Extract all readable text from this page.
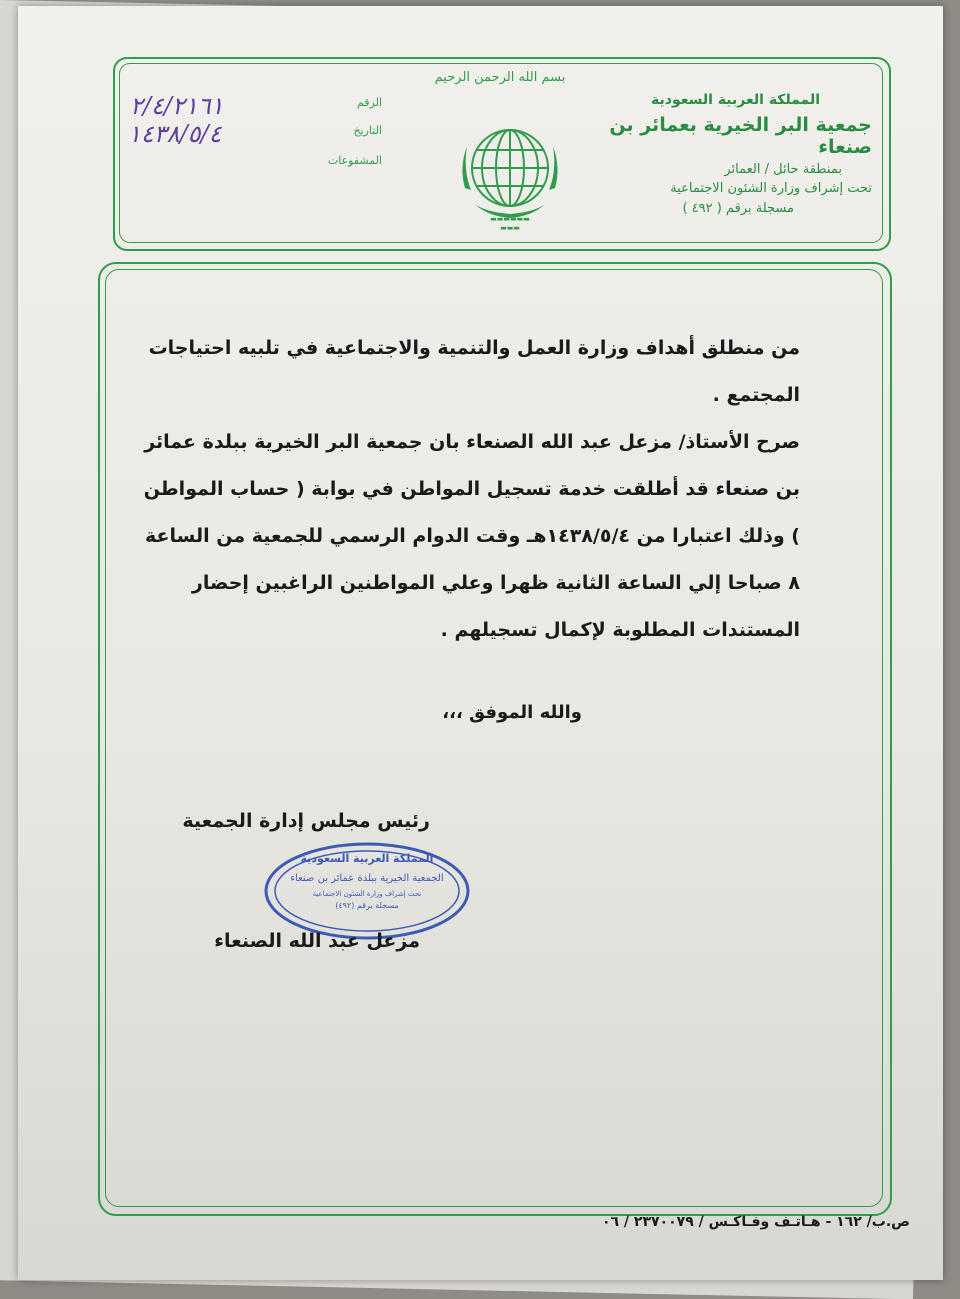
المملكة العربية السعودية
جمعية البر الخيرية بعمائر بن صنعاء
بمنطقة حائل / العمائر
تحت إشراف وزارة الشئون الاجتماعية
مسجلة برقم ( ٤٩٢ )
بسم الله الرحمن الرحيم
▬▬▬▬▬▬
▬▬▬
الرقم
التاريخ
المشفوعات
٢/٤/٢١٦١
١٤٣٨/٥/٤

من منطلق أهداف وزارة العمل والتنمية والاجتماعية في تلبيه احتياجات المجتمع .

صرح الأستاذ/ مزعل عبد الله الصنعاء بان جمعية البر الخيرية ببلدة عمائر بن صنعاء قد أطلقت خدمة تسجيل المواطن في بوابة ( حساب المواطن ) وذلك اعتبارا من ١٤٣٨/٥/٤هـ وقت الدوام الرسمي للجمعية من الساعة ٨ صباحا إلي الساعة الثانية ظهرا وعلي المواطنين الراغبين إحضار المستندات المطلوبة لإكمال تسجيلهم .

والله الموفق ،،،
رئيس مجلس إدارة الجمعية
المملكة العربية السعودية
الجمعية الخيرية ببلدة عمائر بن صنعاء
تحت إشراف وزارة الشئون الاجتماعية
مسجلة برقم (٤٩٢)
مزعل عبد الله الصنعاء
ص.ب/ ١٦٢ - هـاتـف وفـاكـس / ٢٣٧٠٠٧٩ / ٠٦
